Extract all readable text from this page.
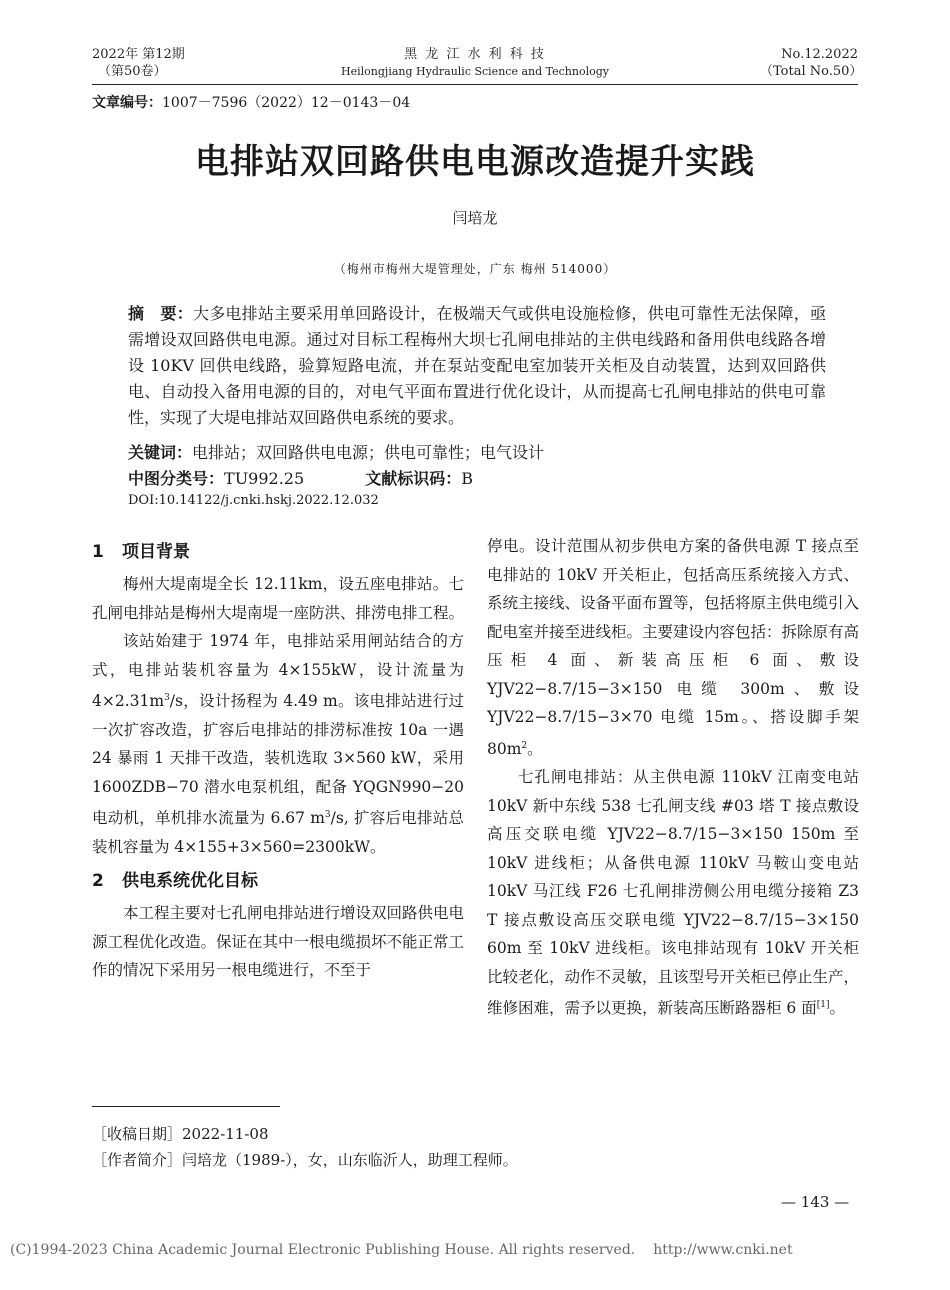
2022年 第12期
（第50卷）
黑 龙 江 水 利 科 技
Heilongjiang Hydraulic Science and Technology
No.12.2022
（Total No.50）
文章编号：1007－7596（2022）12－0143－04
电排站双回路供电电源改造提升实践
闫培龙
（梅州市梅州大堤管理处，广东 梅州 514000）
摘　要：大多电排站主要采用单回路设计，在极端天气或供电设施检修，供电可靠性无法保障，亟需增设双回路供电电源。通过对目标工程梅州大坝七孔闸电排站的主供电线路和备用供电线路各增设 10KV 回供电线路，验算短路电流，并在泵站变配电室加装开关柜及自动装置，达到双回路供电、自动投入备用电源的目的，对电气平面布置进行优化设计，从而提高七孔闸电排站的供电可靠性，实现了大堤电排站双回路供电系统的要求。
关键词：电排站；双回路供电电源；供电可靠性；电气设计
中图分类号：TU992.25	文献标识码：B
DOI:10.14122/j.cnki.hskj.2022.12.032
1 项目背景

梅州大堤南堤全长 12.11km，设五座电排站。七孔闸电排站是梅州大堤南堤一座防洪、排涝电排工程。

该站始建于 1974 年，电排站采用闸站结合的方式，电排站装机容量为 4×155kW，设计流量为 $4\times 2.31m^3/s$，设计扬程为 4.49 m。该电排站进行过一次扩容改造，扩容后电排站的排涝标准按 10a 一遇 24 暴雨 1 天排干改造，装机选取 3×560 kW，采用 1600ZDB−70 潜水电泵机组，配备 YQGN990−20 电动机，单机排水流量为 6.67 $m^3/s$, 扩容后电排站总装机容量为 4×155+3×560=2300kW。

2 供电系统优化目标

本工程主要对七孔闸电排站进行增设双回路供电电源工程优化改造。保证在其中一根电缆损坏不能正常工作的情况下采用另一根电缆进行，不至于

停电。设计范围从初步供电方案的备供电源 T 接点至电排站的 10kV 开关柜止，包括高压系统接入方式、系统主接线、设备平面布置等，包括将原主供电缆引入配电室并接至进线柜。主要建设内容包括：拆除原有高压柜 4 面、新装高压柜 6 面、敷设 YJV22−8.7/15−3×150 电缆 300m、敷设 YJV22−8.7/15−3×70 电缆 15m。、搭设脚手架 $80m^2$。

七孔闸电排站：从主供电源 110kV 江南变电站 10kV 新中东线 538 七孔闸支线 #03 塔 T 接点敷设高压交联电缆 YJV22−8.7/15−3×150 150m 至 10kV 进线柜；从备供电源 110kV 马鞍山变电站 10kV 马江线 F26 七孔闸排涝侧公用电缆分接箱 Z3 T 接点敷设高压交联电缆 YJV22−8.7/15−3×150 60m 至 10kV 进线柜。该电排站现有 10kV 开关柜比较老化，动作不灵敏，且该型号开关柜已停止生产，维修困难，需予以更换，新装高压断路器柜 6 面[1]。

［收稿日期］2022-11-08
［作者简介］闫培龙（1989-），女，山东临沂人，助理工程师。
— 143 —
(C)1994-2023 China Academic Journal Electronic Publishing House. All rights reserved. http://www.cnki.net
